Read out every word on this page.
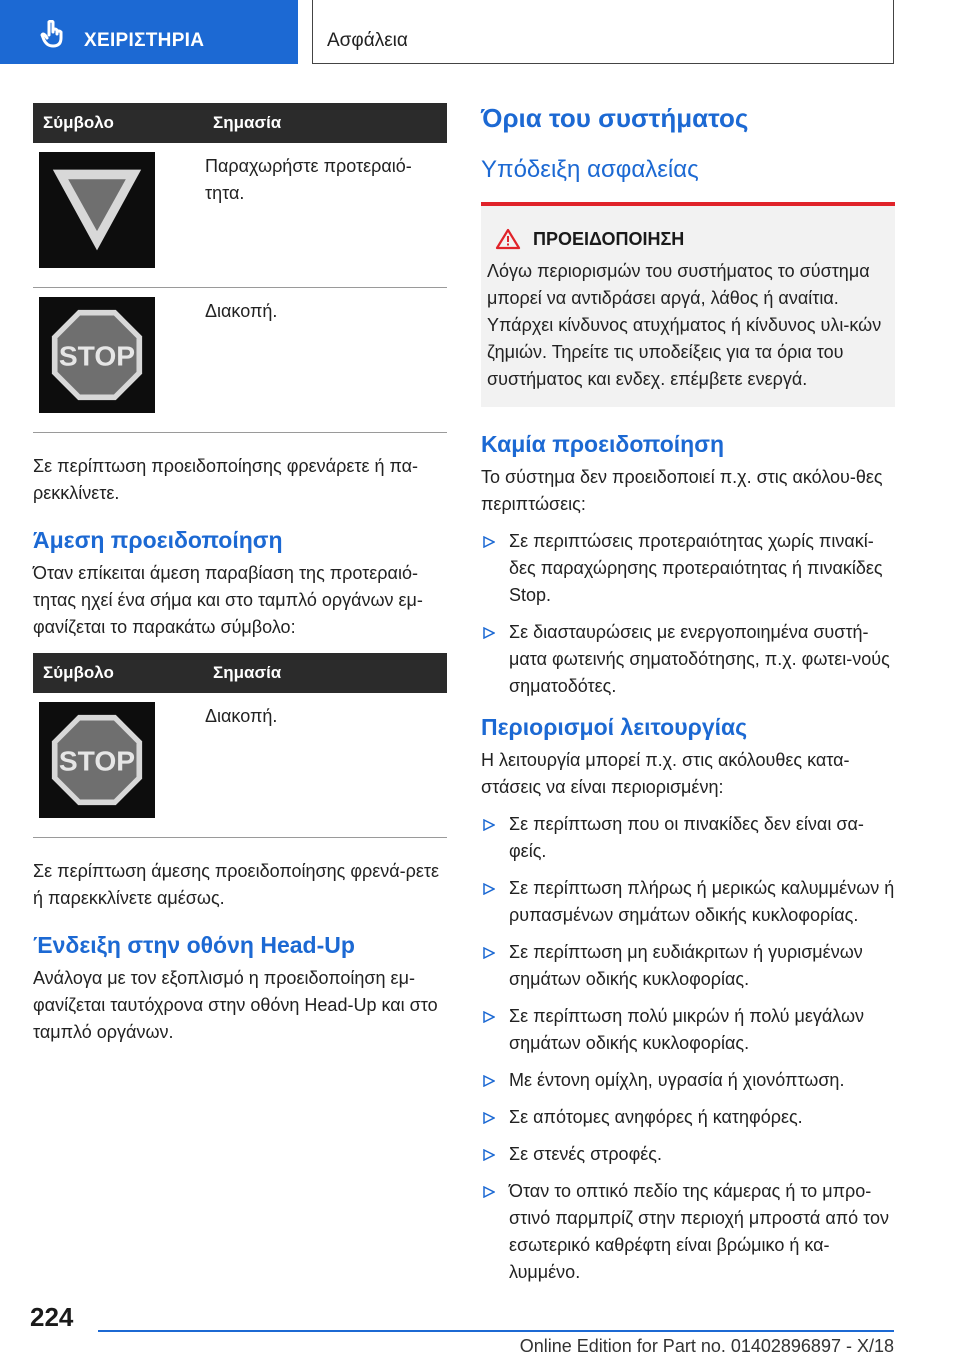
ΧΕΙΡΙΣΤΗΡΙΑ	Ασφάλεια
Σύμβολο	Σημασία

	Παραχωρήστε προτεραιό-τητα.

STOP	Διακοπή.

Σε περίπτωση προειδοποίησης φρενάρετε ή πα-ρεκκλίνετε.

Άμεση προειδοποίηση

Όταν επίκειται άμεση παραβίαση της προτεραιό-τητας ηχεί ένα σήμα και στο ταμπλό οργάνων εμ-φανίζεται το παρακάτω σύμβολο:

Σύμβολο	Σημασία

STOP	Διακοπή.

Σε περίπτωση άμεσης προειδοποίησης φρενά-ρετε ή παρεκκλίνετε αμέσως.

Ένδειξη στην οθόνη Head-Up

Ανάλογα με τον εξοπλισμό η προειδοποίηση εμ-φανίζεται ταυτόχρονα στην οθόνη Head-Up και στο ταμπλό οργάνων.

Όρια του συστήματος
Υπόδειξη ασφαλείας
ΠΡΟΕΙΔΟΠΟΙΗΣΗ

Λόγω περιορισμών του συστήματος το σύστημα μπορεί να αντιδράσει αργά, λάθος ή αναίτια. Υπάρχει κίνδυνος ατυχήματος ή κίνδυνος υλι-κών ζημιών. Τηρείτε τις υποδείξεις για τα όρια του συστήματος και ενδεχ. επέμβετε ενεργά.

Καμία προειδοποίηση

Το σύστημα δεν προειδοποιεί π.χ. στις ακόλου-θες περιπτώσεις:

Σε περιπτώσεις προτεραιότητας χωρίς πινακί-δες παραχώρησης προτεραιότητας ή πινακίδες Stop.
Σε διασταυρώσεις με ενεργοποιημένα συστή-ματα φωτεινής σηματοδότησης, π.χ. φωτει-νούς σηματοδότες.
Περιορισμοί λειτουργίας

Η λειτουργία μπορεί π.χ. στις ακόλουθες κατα-στάσεις να είναι περιορισμένη:

Σε περίπτωση που οι πινακίδες δεν είναι σα-φείς.
Σε περίπτωση πλήρως ή μερικώς καλυμμένων ή ρυπασμένων σημάτων οδικής κυκλοφορίας.
Σε περίπτωση μη ευδιάκριτων ή γυρισμένων σημάτων οδικής κυκλοφορίας.
Σε περίπτωση πολύ μικρών ή πολύ μεγάλων σημάτων οδικής κυκλοφορίας.
Με έντονη ομίχλη, υγρασία ή χιονόπτωση.
Σε απότομες ανηφόρες ή κατηφόρες.
Σε στενές στροφές.
Όταν το οπτικό πεδίο της κάμερας ή το μπρο-στινό παρμπρίζ στην περιοχή μπροστά από τον εσωτερικό καθρέφτη είναι βρώμικο ή κα-λυμμένο.
224
Online Edition for Part no. 01402896897 - X/18
